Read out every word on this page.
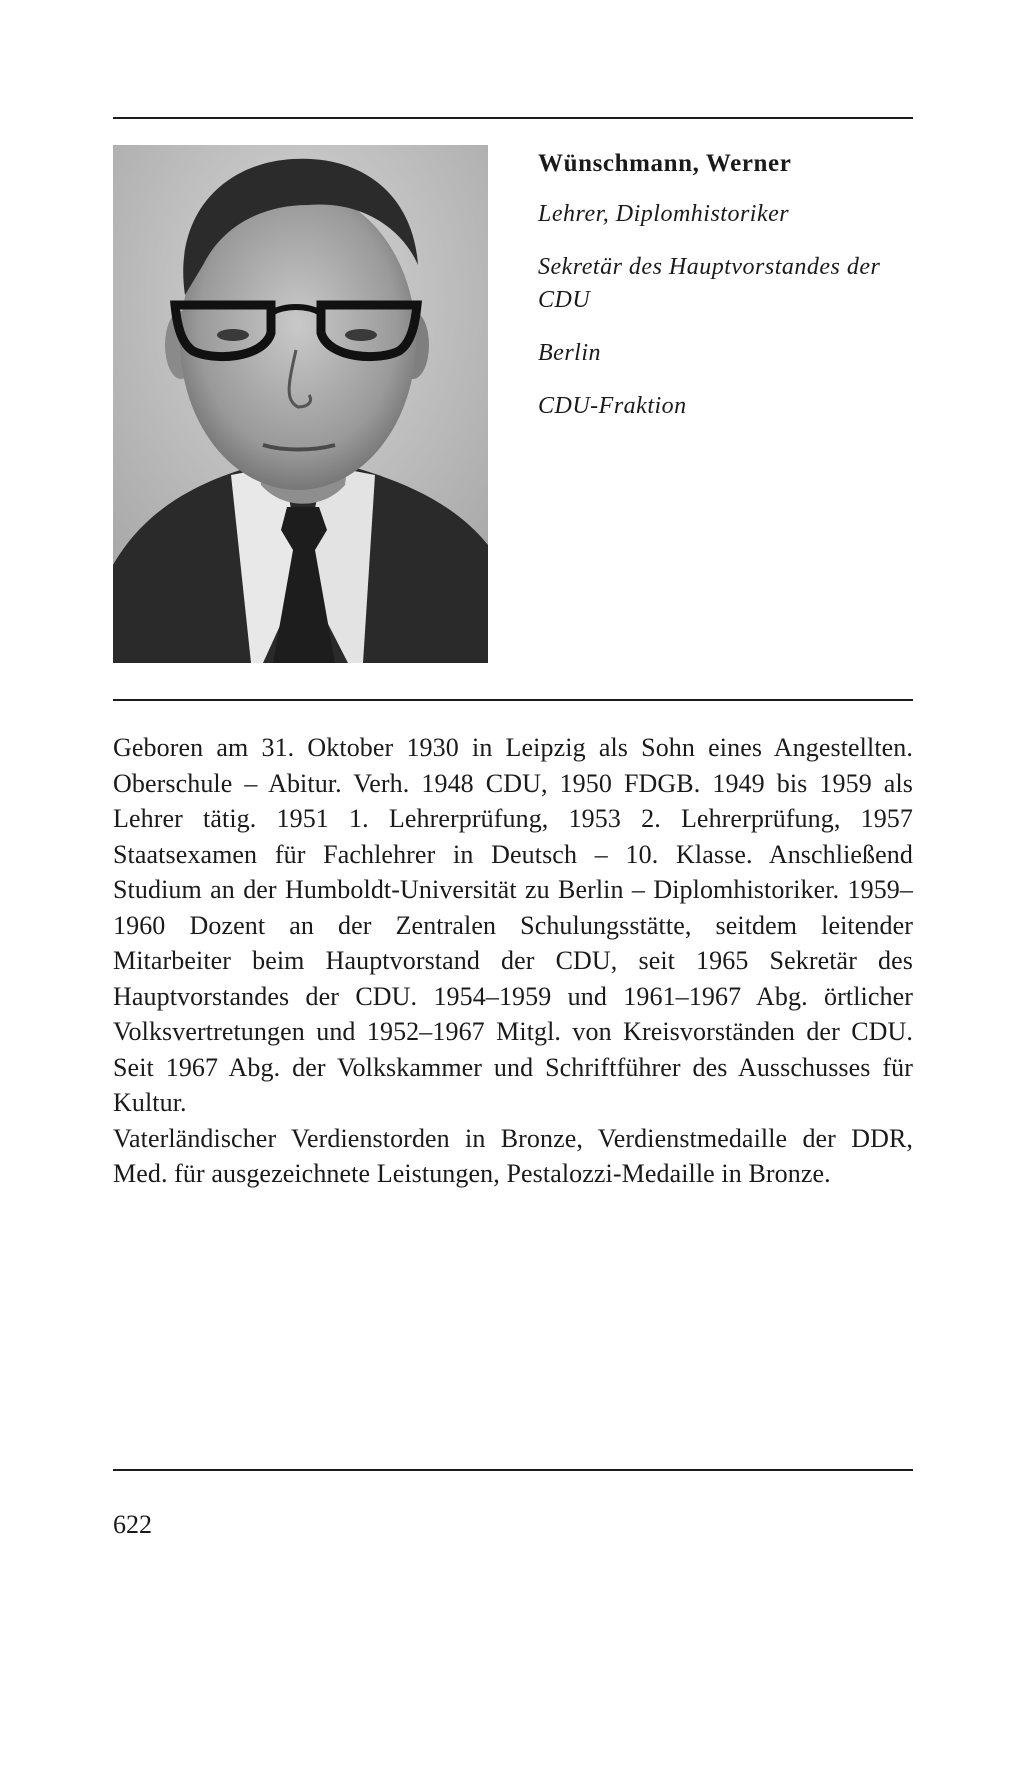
Wünschmann, Werner
Lehrer, Diplomhistoriker
Sekretär des Hauptvorstandes der CDU
Berlin
CDU-Fraktion

Geboren am 31. Oktober 1930 in Leipzig als Sohn eines Angestellten. Oberschule – Abitur. Verh. 1948 CDU, 1950 FDGB. 1949 bis 1959 als Lehrer tätig. 1951 1. Lehrerprüfung, 1953 2. Lehrerprüfung, 1957 Staatsexamen für Fachlehrer in Deutsch – 10. Klasse. Anschließend Studium an der Humboldt-Universität zu Berlin – Diplomhistoriker. 1959–1960 Dozent an der Zentralen Schulungsstätte, seitdem leitender Mitarbeiter beim Hauptvorstand der CDU, seit 1965 Sekretär des Hauptvorstandes der CDU. 1954–1959 und 1961–1967 Abg. örtlicher Volksvertretungen und 1952–1967 Mitgl. von Kreisvorständen der CDU. Seit 1967 Abg. der Volkskammer und Schriftführer des Ausschusses für Kultur.

Vaterländischer Verdienstorden in Bronze, Verdienstmedaille der DDR, Med. für ausgezeichnete Leistungen, Pestalozzi-Medaille in Bronze.

622
